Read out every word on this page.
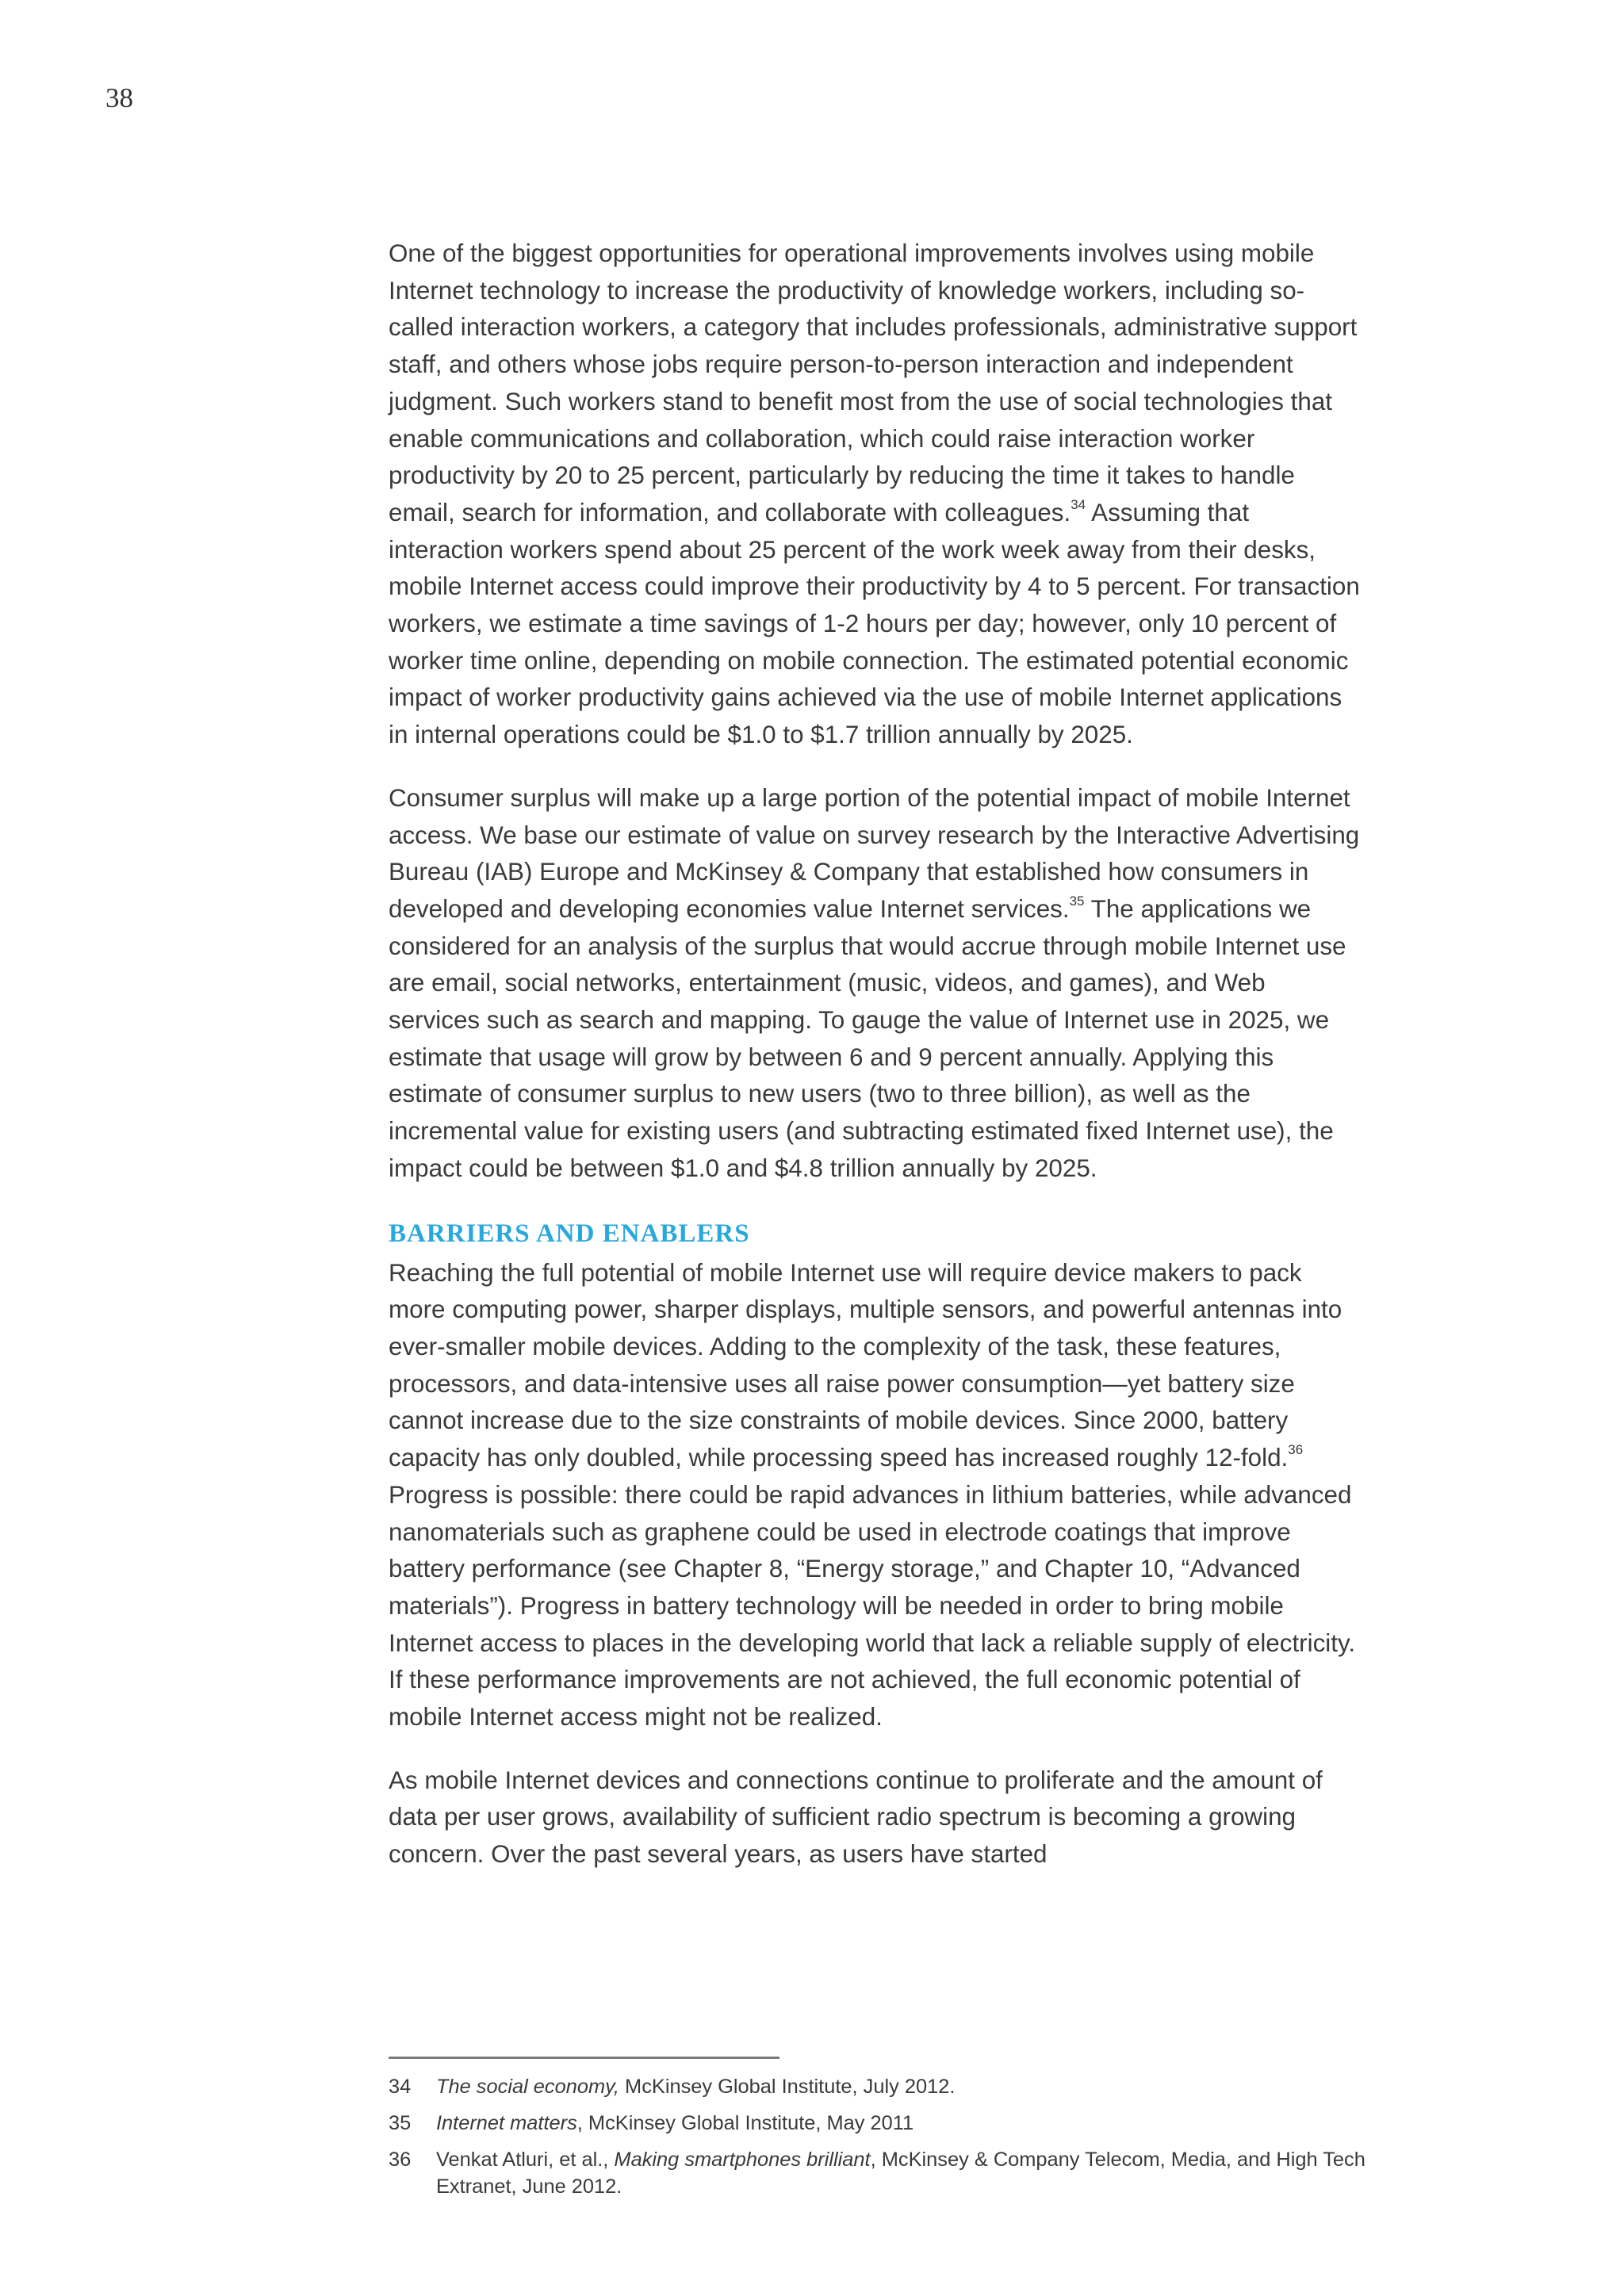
38

One of the biggest opportunities for operational improvements involves using mobile Internet technology to increase the productivity of knowledge workers, including so-called interaction workers, a category that includes professionals, administrative support staff, and others whose jobs require person-to-person interaction and independent judgment. Such workers stand to benefit most from the use of social technologies that enable communications and collaboration, which could raise interaction worker productivity by 20 to 25 percent, particularly by reducing the time it takes to handle email, search for information, and collaborate with colleagues.$^{34}$ Assuming that interaction workers spend about 25 percent of the work week away from their desks, mobile Internet access could improve their productivity by 4 to 5 percent. For transaction workers, we estimate a time savings of 1-2 hours per day; however, only 10 percent of worker time online, depending on mobile connection. The estimated potential economic impact of worker productivity gains achieved via the use of mobile Internet applications in internal operations could be $1.0 to $1.7 trillion annually by 2025.

Consumer surplus will make up a large portion of the potential impact of mobile Internet access. We base our estimate of value on survey research by the Interactive Advertising Bureau (IAB) Europe and McKinsey & Company that established how consumers in developed and developing economies value Internet services.$^{35}$ The applications we considered for an analysis of the surplus that would accrue through mobile Internet use are email, social networks, entertainment (music, videos, and games), and Web services such as search and mapping. To gauge the value of Internet use in 2025, we estimate that usage will grow by between 6 and 9 percent annually. Applying this estimate of consumer surplus to new users (two to three billion), as well as the incremental value for existing users (and subtracting estimated fixed Internet use), the impact could be between $1.0 and $4.8 trillion annually by 2025.

BARRIERS AND ENABLERS

Reaching the full potential of mobile Internet use will require device makers to pack more computing power, sharper displays, multiple sensors, and powerful antennas into ever-smaller mobile devices. Adding to the complexity of the task, these features, processors, and data-intensive uses all raise power consumption—yet battery size cannot increase due to the size constraints of mobile devices. Since 2000, battery capacity has only doubled, while processing speed has increased roughly 12-fold.$^{36}$ Progress is possible: there could be rapid advances in lithium batteries, while advanced nanomaterials such as graphene could be used in electrode coatings that improve battery performance (see Chapter 8, “Energy storage,” and Chapter 10, “Advanced materials”). Progress in battery technology will be needed in order to bring mobile Internet access to places in the developing world that lack a reliable supply of electricity. If these performance improvements are not achieved, the full economic potential of mobile Internet access might not be realized.

As mobile Internet devices and connections continue to proliferate and the amount of data per user grows, availability of sufficient radio spectrum is becoming a growing concern. Over the past several years, as users have started

34	The social economy, McKinsey Global Institute, July 2012.
35	Internet matters, McKinsey Global Institute, May 2011
36	Venkat Atluri, et al., Making smartphones brilliant, McKinsey & Company Telecom, Media, and High Tech Extranet, June 2012.
